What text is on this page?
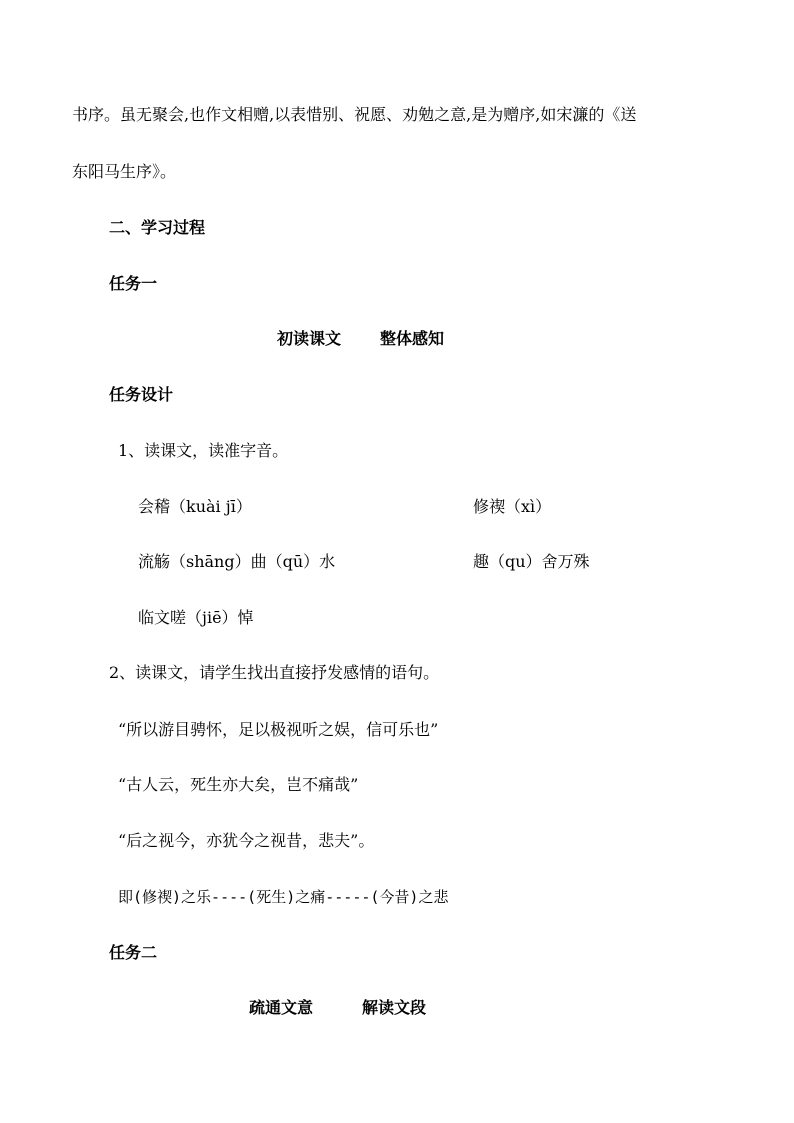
书序。虽无聚会,也作文相赠,以表惜别、祝愿、劝勉之意,是为赠序,如宋濂的《送
东阳马生序》。
二、学习过程
任务一
初读课文 整体感知
任务设计
1、读课文，读准字音。
会稽（kuài jī）	修禊（xì）
流觞（shāng）曲（qū）水	趣（qu）舍万殊
临文嗟（jiē）悼
2、读课文，请学生找出直接抒发感情的语句。
“所以游目骋怀，足以极视听之娱，信可乐也”
“古人云，死生亦大矣，岂不痛哉”
“后之视今，亦犹今之视昔，悲夫”。
即(修禊)之乐----(死生)之痛-----(今昔)之悲
任务二
疏通文意	解读文段
